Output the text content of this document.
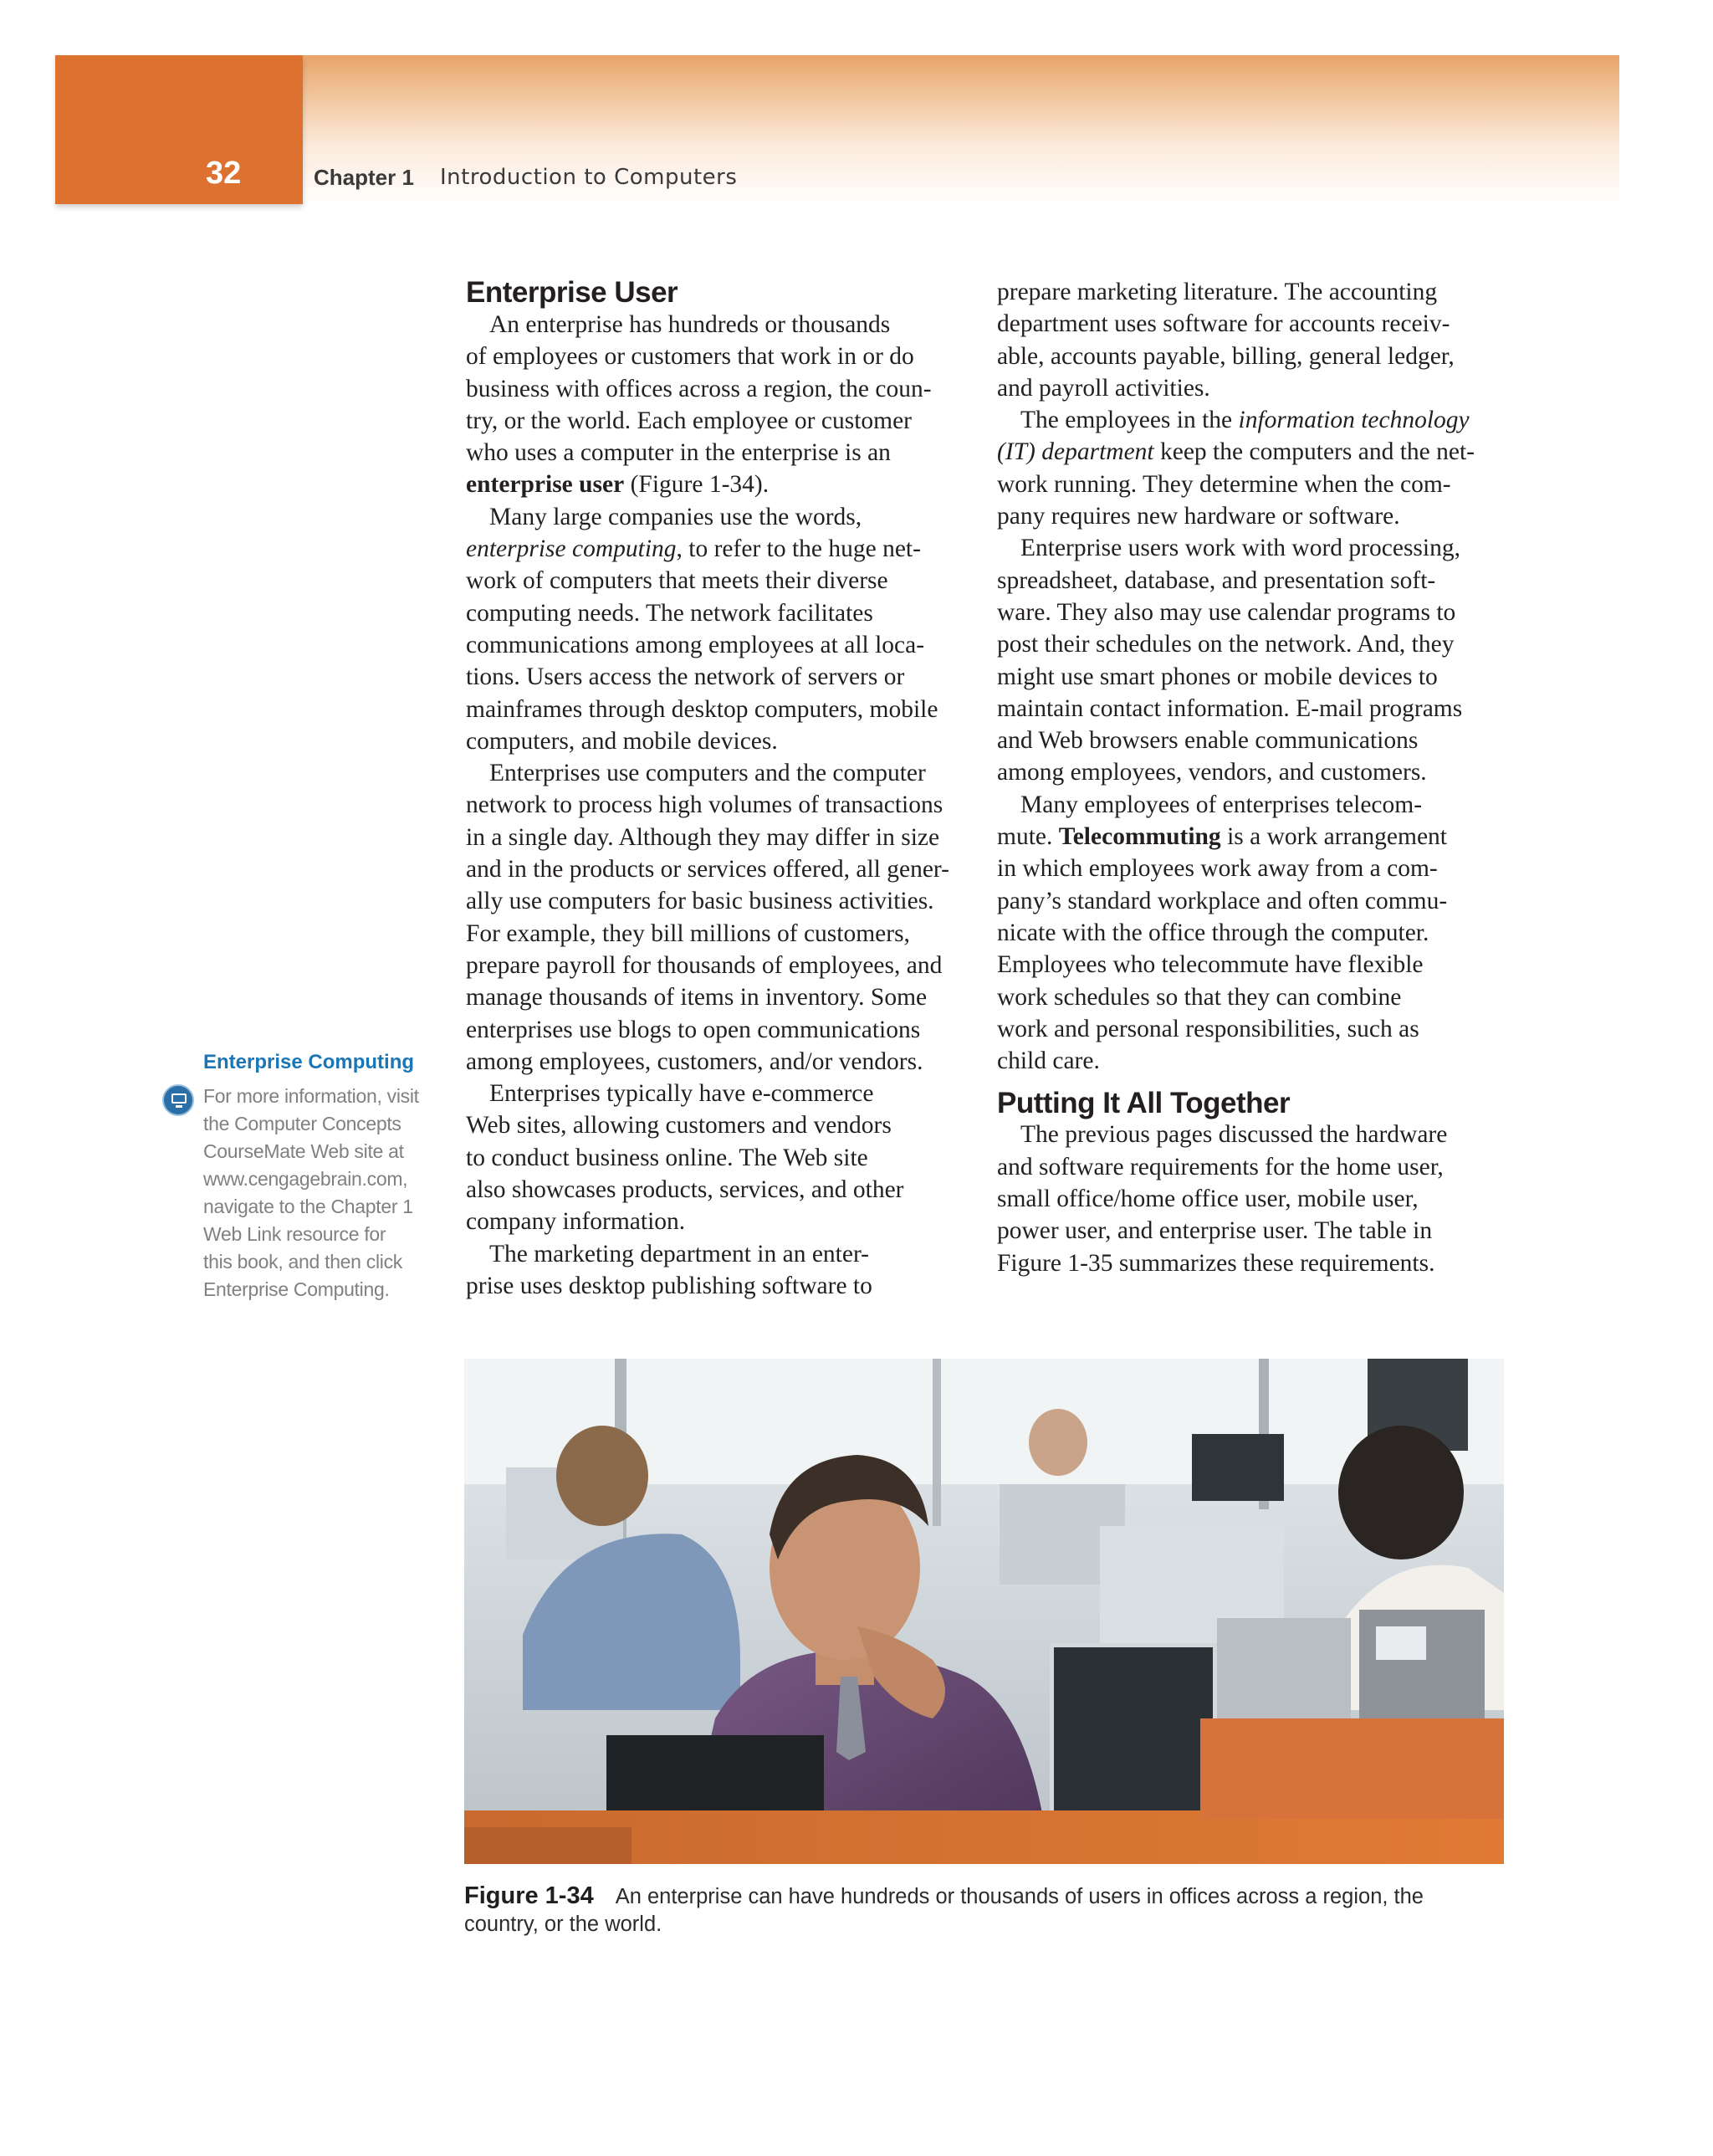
32	Chapter 1 Introduction to Computers
Enterprise Computing
For more information, visit
the Computer Concepts
CourseMate Web site at
www.cengagebrain.com,
navigate to the Chapter 1
Web Link resource for
this book, and then click
Enterprise Computing.
Enterprise User
An enterprise has hundreds or thousands
of employees or customers that work in or do
business with offices across a region, the coun-
try, or the world. Each employee or customer
who uses a computer in the enterprise is an
enterprise user (Figure 1-34).
Many large companies use the words,
enterprise computing, to refer to the huge net-
work of computers that meets their diverse
computing needs. The network facilitates
communications among employees at all loca-
tions. Users access the network of servers or
mainframes through desktop computers, mobile
computers, and mobile devices.
Enterprises use computers and the computer
network to process high volumes of transactions
in a single day. Although they may differ in size
and in the products or services offered, all gener-
ally use computers for basic business activities.
For example, they bill millions of customers,
prepare payroll for thousands of employees, and
manage thousands of items in inventory. Some
enterprises use blogs to open communications
among employees, customers, and/or vendors.
Enterprises typically have e-commerce
Web sites, allowing customers and vendors
to conduct business online. The Web site
also showcases products, services, and other
company information.
The marketing department in an enter-
prise uses desktop publishing software to
prepare marketing literature. The accounting
department uses software for accounts receiv-
able, accounts payable, billing, general ledger,
and payroll activities.
The employees in the information technology
(IT) department keep the computers and the net-
work running. They determine when the com-
pany requires new hardware or software.
Enterprise users work with word processing,
spreadsheet, database, and presentation soft-
ware. They also may use calendar programs to
post their schedules on the network. And, they
might use smart phones or mobile devices to
maintain contact information. E-mail programs
and Web browsers enable communications
among employees, vendors, and customers.
Many employees of enterprises telecom-
mute. Telecommuting is a work arrangement
in which employees work away from a com-
pany’s standard workplace and often commu-
nicate with the office through the computer.
Employees who telecommute have flexible
work schedules so that they can combine
work and personal responsibilities, such as
child care.
Putting It All Together
The previous pages discussed the hardware
and software requirements for the home user,
small office/home office user, mobile user,
power user, and enterprise user. The table in
Figure 1-35 summarizes these requirements.
Figure 1-34 An enterprise can have hundreds or thousands of users in offices across a region, the
country, or the world.
